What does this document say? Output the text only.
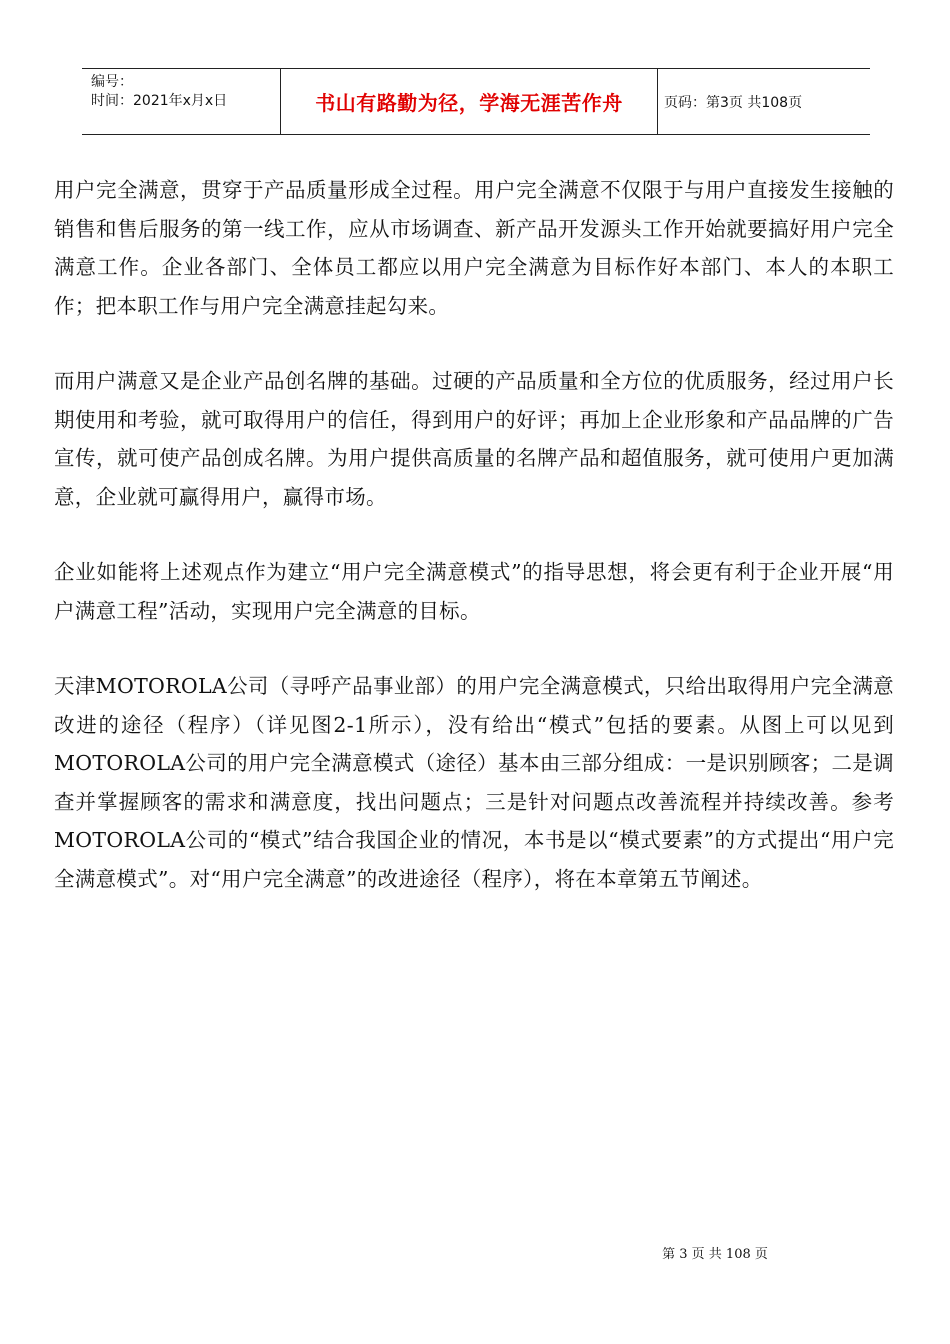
编号：
时间：2021年x月x日	书山有路勤为径，学海无涯苦作舟	页码：第3页 共108页

用户完全满意，贯穿于产品质量形成全过程。用户完全满意不仅限于与用户直接发生接触的销售和售后服务的第一线工作，应从市场调查、新产品开发源头工作开始就要搞好用户完全满意工作。企业各部门、全体员工都应以用户完全满意为目标作好本部门、本人的本职工作；把本职工作与用户完全满意挂起勾来。

而用户满意又是企业产品创名牌的基础。过硬的产品质量和全方位的优质服务，经过用户长期使用和考验，就可取得用户的信任，得到用户的好评；再加上企业形象和产品品牌的广告宣传，就可使产品创成名牌。为用户提供高质量的名牌产品和超值服务，就可使用户更加满意，企业就可赢得用户，赢得市场。

企业如能将上述观点作为建立“用户完全满意模式”的指导思想，将会更有利于企业开展“用户满意工程”活动，实现用户完全满意的目标。

天津MOTOROLA公司（寻呼产品事业部）的用户完全满意模式，只给出取得用户完全满意改进的途径（程序）（详见图2-1所示），没有给出“模式”包括的要素。从图上可以见到MOTOROLA公司的用户完全满意模式（途径）基本由三部分组成：一是识别顾客；二是调查并掌握顾客的需求和满意度，找出问题点；三是针对问题点改善流程并持续改善。参考MOTOROLA公司的“模式”结合我国企业的情况，本书是以“模式要素”的方式提出“用户完全满意模式”。对“用户完全满意”的改进途径（程序），将在本章第五节阐述。

第 3 页 共 108 页
